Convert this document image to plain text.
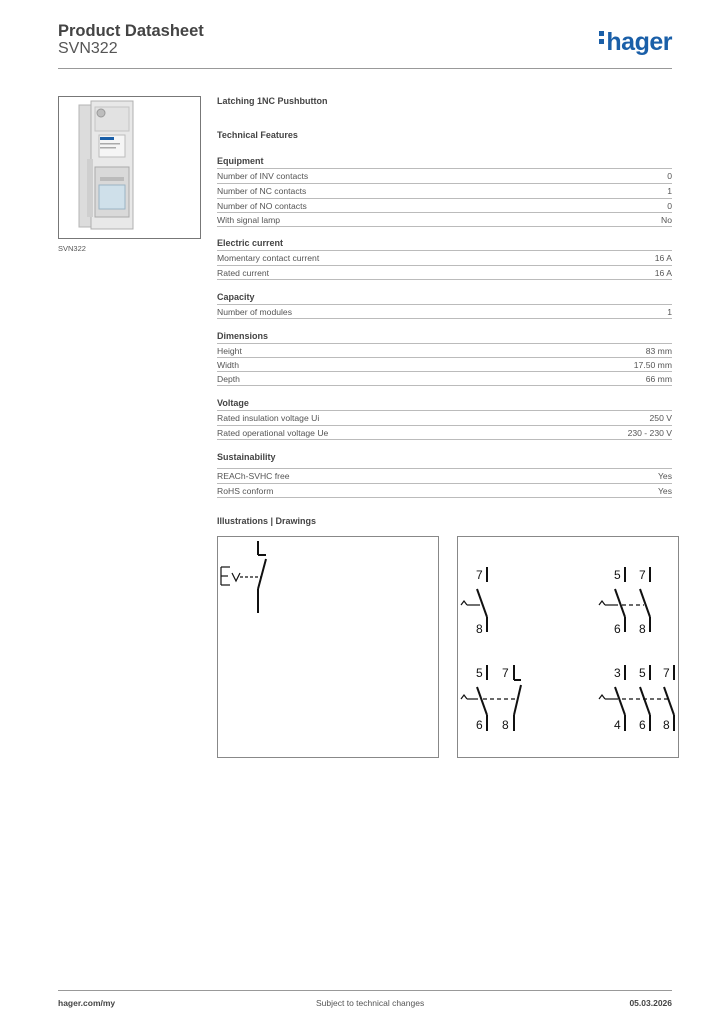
Product Datasheet
SVN322	hager
SVN322
Latching 1NC Pushbutton
Technical Features
Equipment
Number of INV contacts	0
Number of NC contacts	1
Number of NO contacts	0
With signal lamp	No
Electric current
Momentary contact current	16 A
Rated current	16 A
Capacity
Number of modules	1
Dimensions
Height	83 mm
Width	17.50 mm
Depth	66 mm
Voltage
Rated insulation voltage Ui	250 V
Rated operational voltage Ue	230 - 230 V
Sustainability
REACh-SVHC free	Yes
RoHS conform	Yes
Illustrations | Drawings
7
8
5 7
6 8
5 7
6 8
3 5 7
4 6 8
hager.com/my	Subject to technical changes	05.03.2026
